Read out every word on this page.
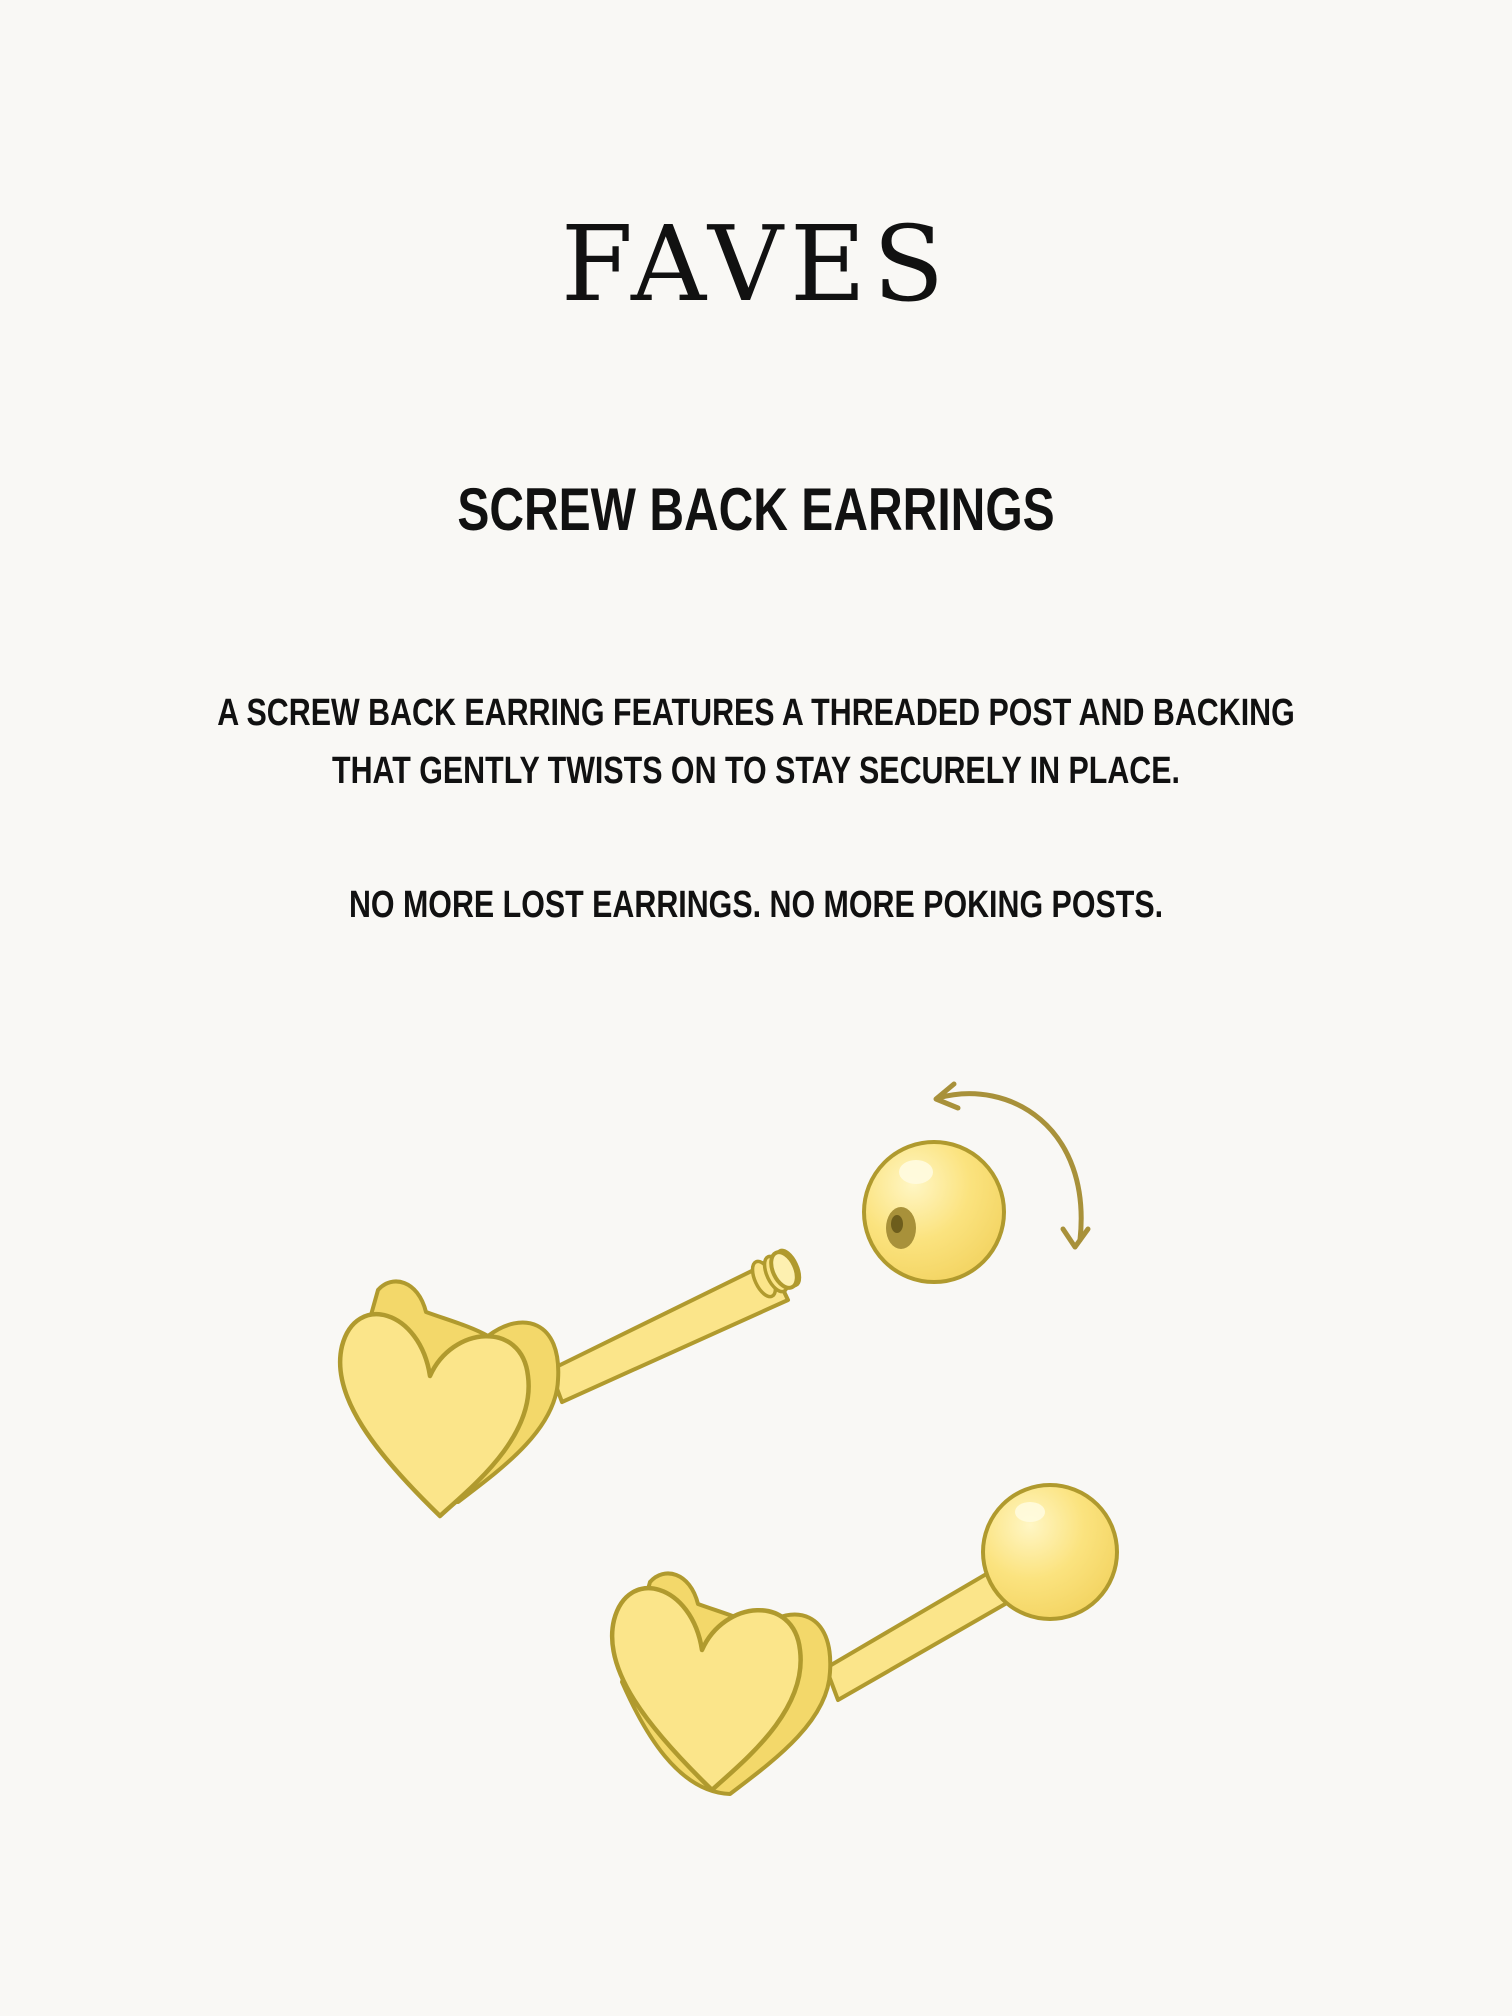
FAVES
SCREW BACK EARRINGS

A SCREW BACK EARRING FEATURES A THREADED POST AND BACKING
THAT GENTLY TWISTS ON TO STAY SECURELY IN PLACE.

NO MORE LOST EARRINGS. NO MORE POKING POSTS.
